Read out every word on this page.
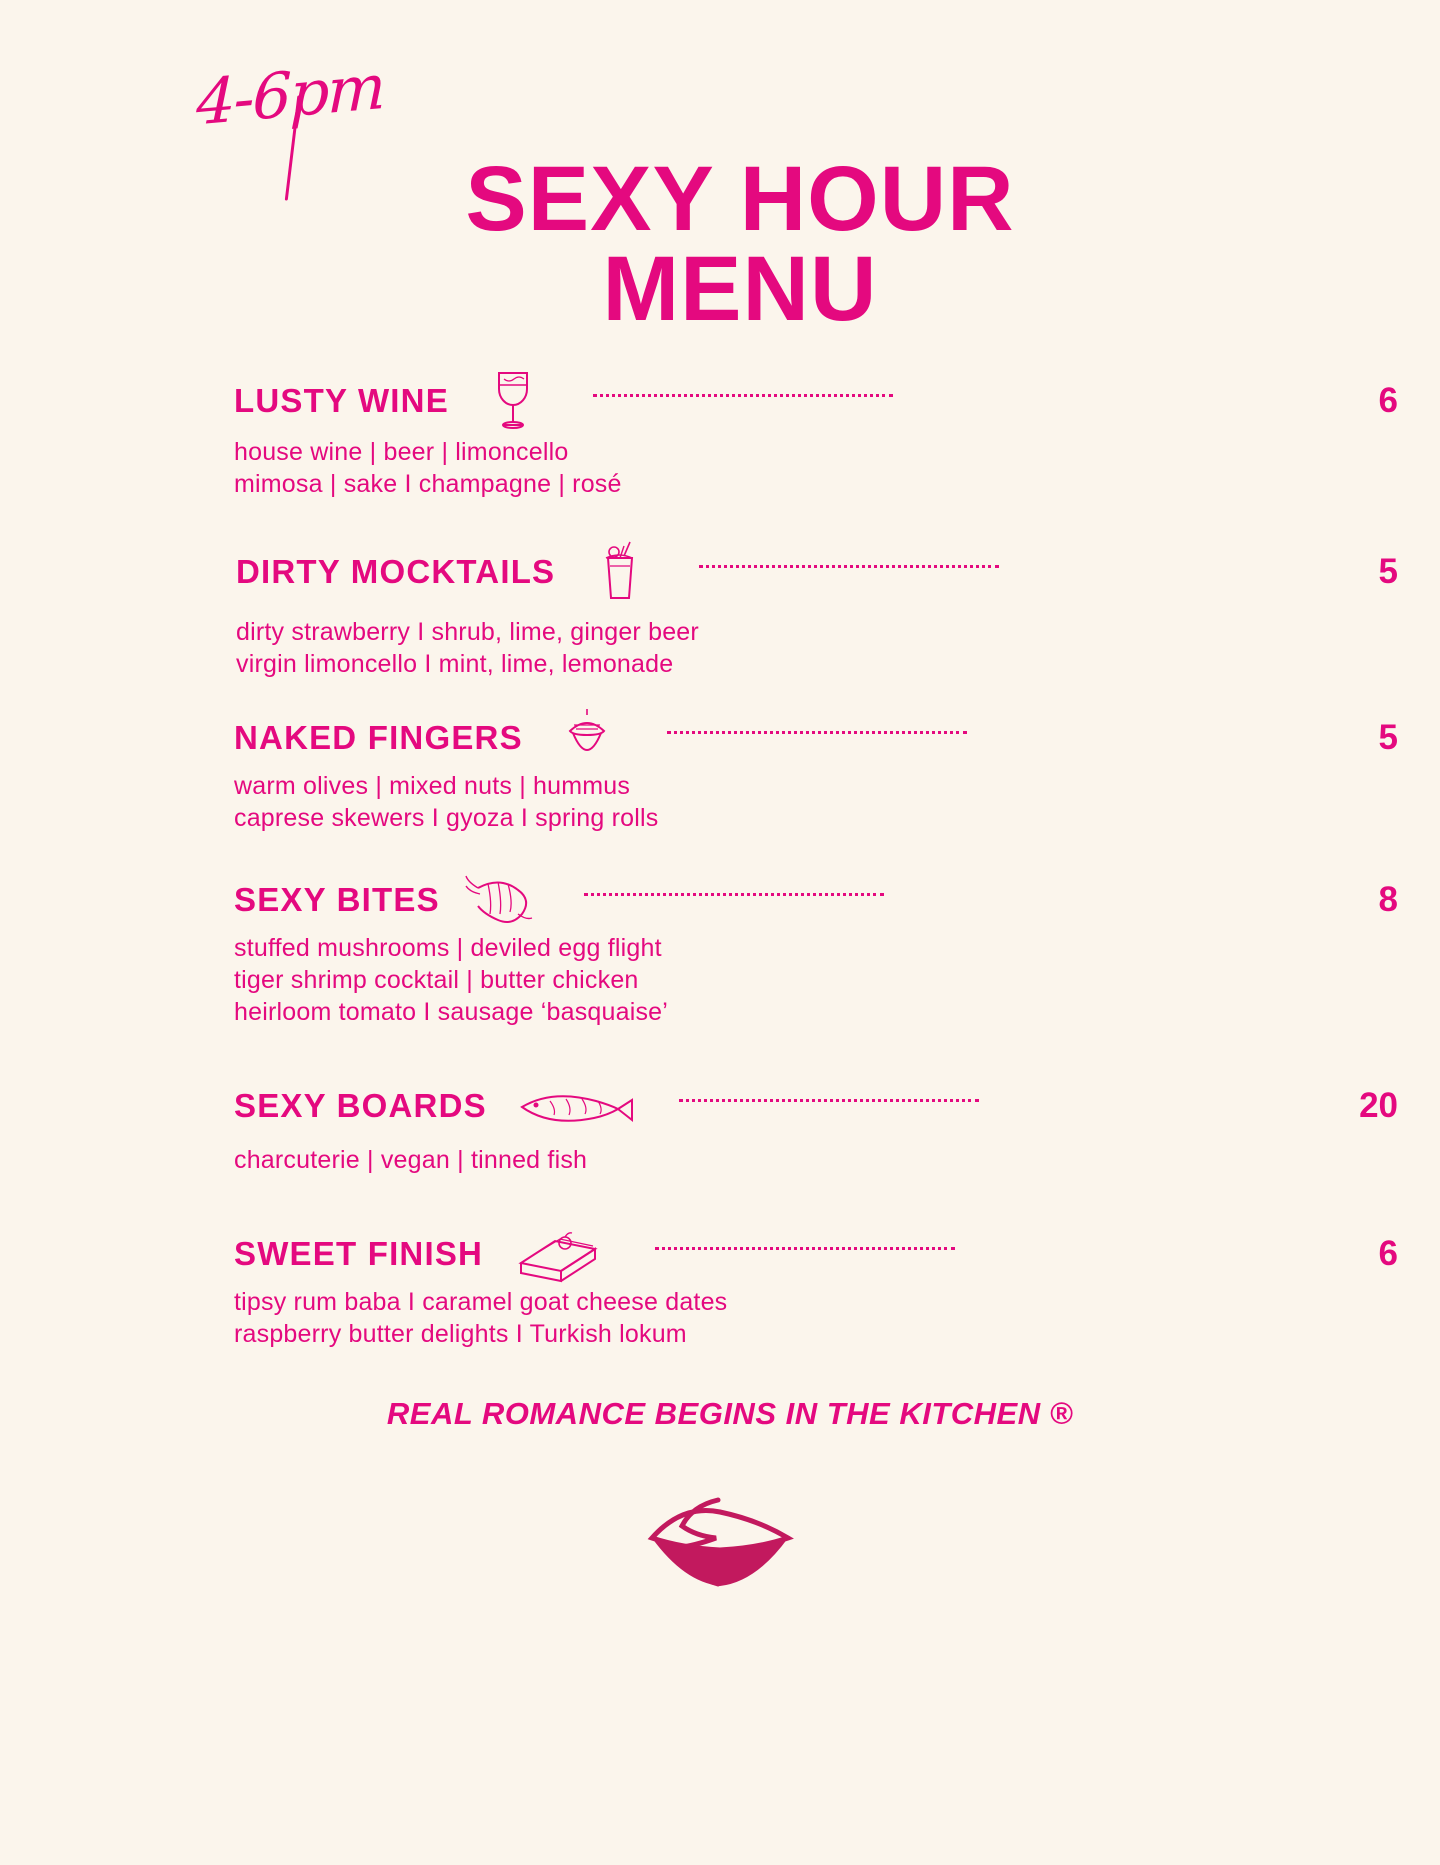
4-6pm
SEXY HOUR
MENU
LUSTY WINE	6
house wine | beer | limoncello
mimosa | sake I champagne | rosé
DIRTY MOCKTAILS	5
dirty strawberry I shrub, lime, ginger beer
virgin limoncello I mint, lime, lemonade
NAKED FINGERS	5
warm olives | mixed nuts | hummus
caprese skewers I gyoza I spring rolls
SEXY BITES	8
stuffed mushrooms | deviled egg flight
tiger shrimp cocktail | butter chicken
heirloom tomato I sausage ‘basquaise’
SEXY BOARDS	20
charcuterie | vegan | tinned fish
SWEET FINISH	6
tipsy rum baba I caramel goat cheese dates
raspberry butter delights I Turkish lokum
REAL ROMANCE BEGINS IN THE KITCHEN ®
